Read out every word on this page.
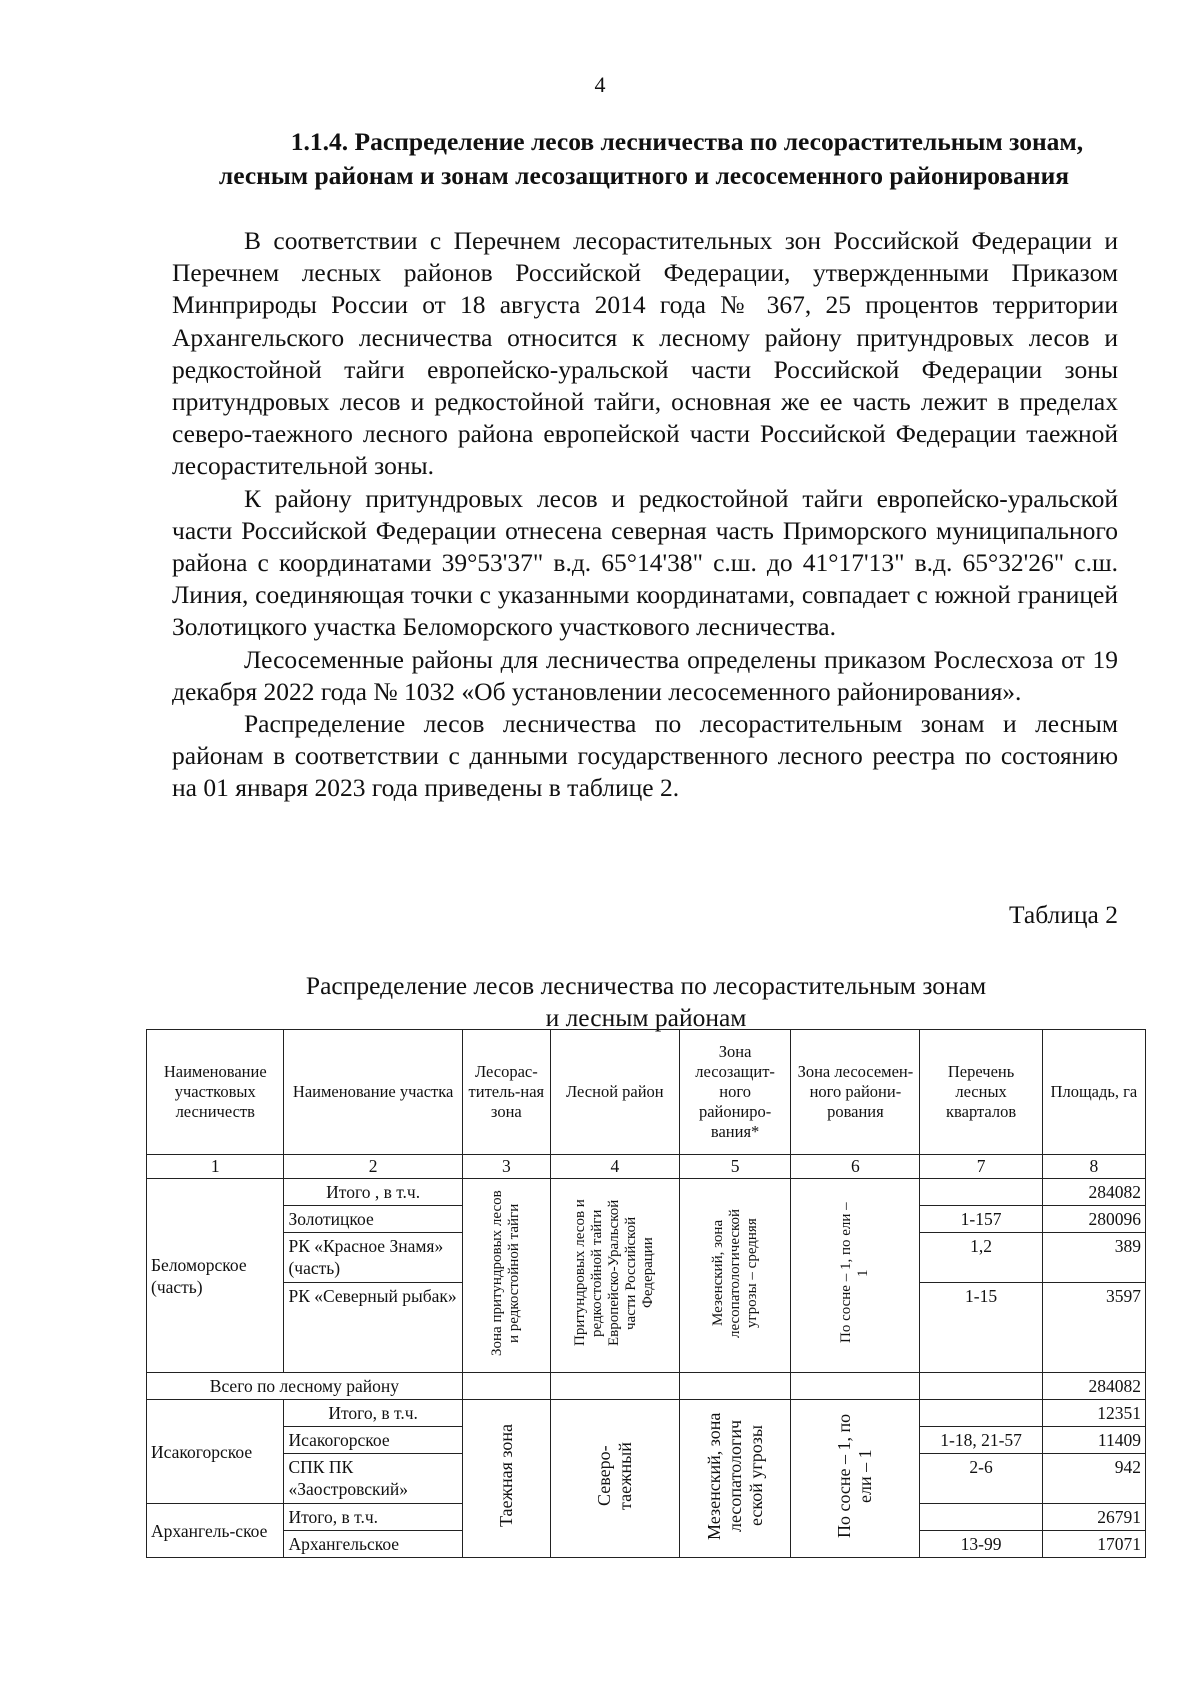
4
1.1.4. Распределение лесов лесничества по лесорастительным зонам,
лесным районам и зонам лесозащитного и лесосеменного районирования

В соответствии с Перечнем лесорастительных зон Российской Федерации и Перечнем лесных районов Российской Федерации, утвержденными Приказом Минприроды России от 18 августа 2014 года № 367, 25 процентов территории Архангельского лесничества относится к лесному району притундровых лесов и редкостойной тайги европейско-уральской части Российской Федерации зоны притундровых лесов и редкостойной тайги, основная же ее часть лежит в пределах северо-таежного лесного района европейской части Российской Федерации таежной лесорастительной зоны.

К району притундровых лесов и редкостойной тайги европейско-уральской части Российской Федерации отнесена северная часть Приморского муниципального района с координатами 39°53'37" в.д. 65°14'38" с.ш. до 41°17'13" в.д. 65°32'26" с.ш. Линия, соединяющая точки с указанными координатами, совпадает с южной границей Золотицкого участка Беломорского участкового лесничества.

Лесосеменные районы для лесничества определены приказом Рослесхоза от 19 декабря 2022 года № 1032 «Об установлении лесосеменного районирования».

Распределение лесов лесничества по лесорастительным зонам и лесным районам в соответствии с данными государственного лесного реестра по состоянию на 01 января 2023 года приведены в таблице 2.

Таблица 2
Распределение лесов лесничества по лесорастительным зонам
и лесным районам
Наименование участковых лесничеств	Наименование участка	Лесорас-титель-ная зона	Лесной район	Зона лесозащит-ного райониро-вания*	Зона лесосемен-ного райони-рования	Перечень лесных кварталов	Площадь, га
1	2	3	4	5	6	7	8
Беломорское (часть)	Итого , в т.ч.	Зона притундровых лесов и редкостойной тайги	Притундровых лесов и редкостойной тайги Европейско-Уральской части Российской Федерации	Мезенский, зона лесопатологической угрозы – средняя	По сосне – 1, по ели – 1		284082
	Золотицкое					1-157	280096
	РК «Красное Знамя» (часть)					1,2	389
	РК «Северный рыбак»					1-15	3597
Всего по лесному району							284082
Исакогорское	Итого, в т.ч.	Таежная зона	Северо-таежный	Мезенский, зона лесопатологич еской угрозы	По сосне – 1, по ели – 1		12351
	Исакогорское					1-18, 21-57	11409
	СПК ПК «Заостровский»					2-6	942
Архангель-ское	Итого, в т.ч.						26791
	Архангельское					13-99	17071
